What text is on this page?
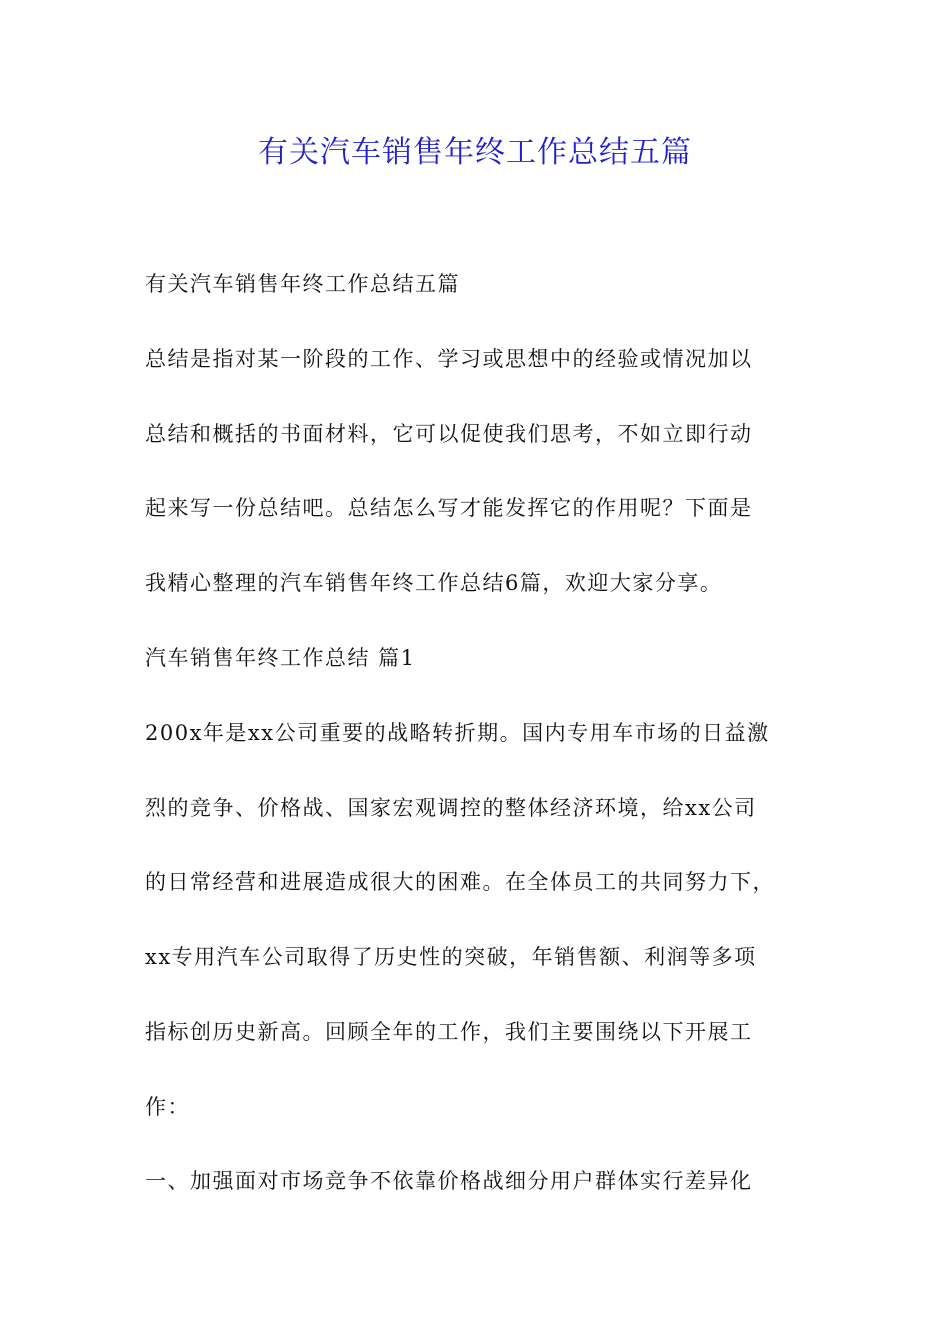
有关汽车销售年终工作总结五篇

有关汽车销售年终工作总结五篇

总结是指对某一阶段的工作、学习或思想中的经验或情况加以

总结和概括的书面材料，它可以促使我们思考，不如立即行动

起来写一份总结吧。总结怎么写才能发挥它的作用呢？下面是

我精心整理的汽车销售年终工作总结6篇，欢迎大家分享。

汽车销售年终工作总结 篇1

200x年是xx公司重要的战略转折期。国内专用车市场的日益激

烈的竞争、价格战、国家宏观调控的整体经济环境，给xx公司

的日常经营和进展造成很大的困难。在全体员工的共同努力下，

xx专用汽车公司取得了历史性的突破，年销售额、利润等多项

指标创历史新高。回顾全年的工作，我们主要围绕以下开展工

作：

一、加强面对市场竞争不依靠价格战细分用户群体实行差异化
